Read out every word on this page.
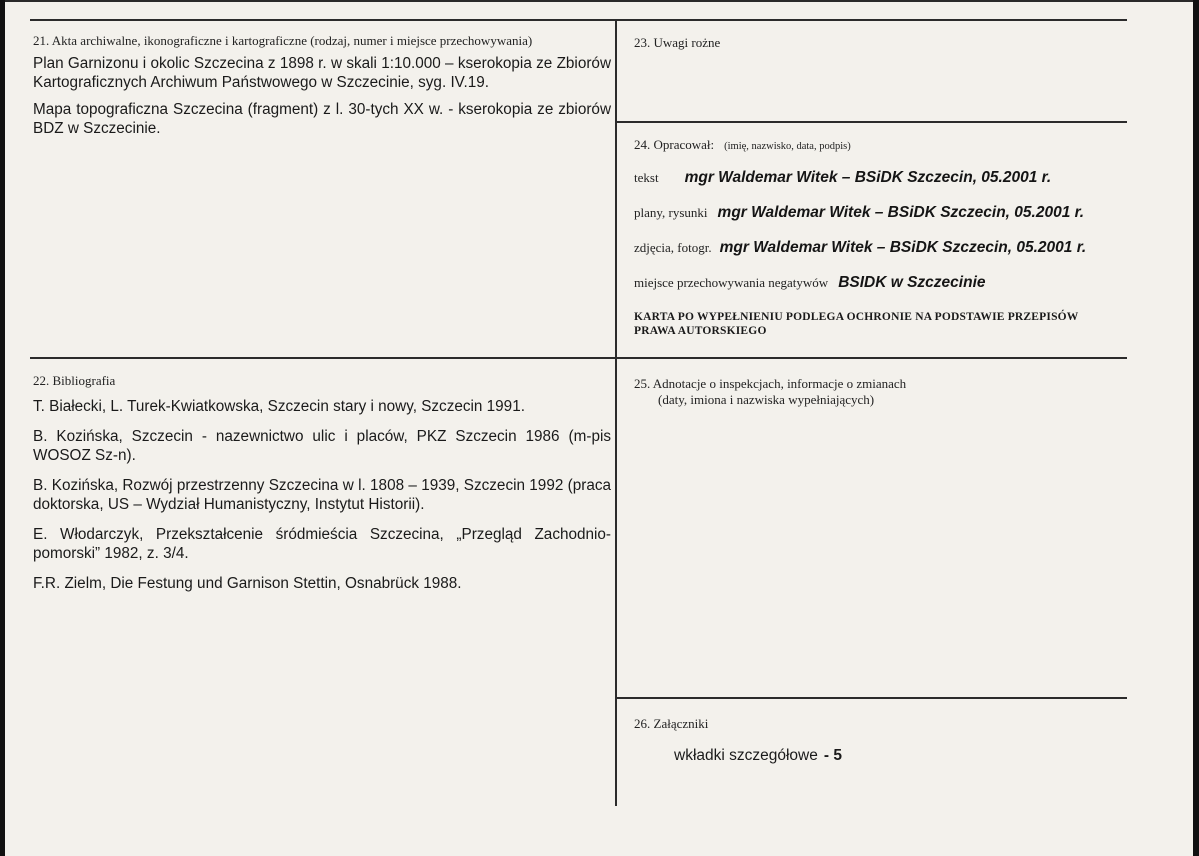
21. Akta archiwalne, ikonograficzne i kartograficzne (rodzaj, numer i miejsce przechowywania)
Plan Garnizonu i okolic Szczecina z 1898 r. w skali 1:10.000 – kserokopia ze Zbiorów Kartograficznych Archiwum Państwowego w Szczecinie, syg. IV.19.
Mapa topograficzna Szczecina (fragment) z l. 30-tych XX w. - kserokopia ze zbiorów BDZ w Szczecinie.
22. Bibliografia
T. Białecki, L. Turek-Kwiatkowska, Szczecin stary i nowy, Szczecin 1991.
B. Kozińska, Szczecin - nazewnictwo ulic i placów, PKZ Szczecin 1986 (m-pis WOSOZ Sz-n).
B. Kozińska, Rozwój przestrzenny Szczecina w l. 1808 – 1939, Szczecin 1992 (praca doktorska, US – Wydział Humanistyczny, Instytut Historii).
E. Włodarczyk, Przekształcenie śródmieścia Szczecina, „Przegląd Zachodnio-pomorski” 1982, z. 3/4.
F.R. Zielm, Die Festung und Garnison Stettin, Osnabrück 1988.
23. Uwagi rożne
24. Opracował: (imię, nazwisko, data, podpis)
tekst mgr Waldemar Witek – BSiDK Szczecin, 05.2001 r.
plany, rysunki mgr Waldemar Witek – BSiDK Szczecin, 05.2001 r.
zdjęcia, fotogr. mgr Waldemar Witek – BSiDK Szczecin, 05.2001 r.
miejsce przechowywania negatywów BSIDK w Szczecinie
KARTA PO WYPEŁNIENIU PODLEGA OCHRONIE NA PODSTAWIE PRZEPISÓW
PRAWA AUTORSKIEGO
25. Adnotacje o inspekcjach, informacje o zmianach
(daty, imiona i nazwiska wypełniających)
26. Załączniki
wkładki szczegółowe - 5
